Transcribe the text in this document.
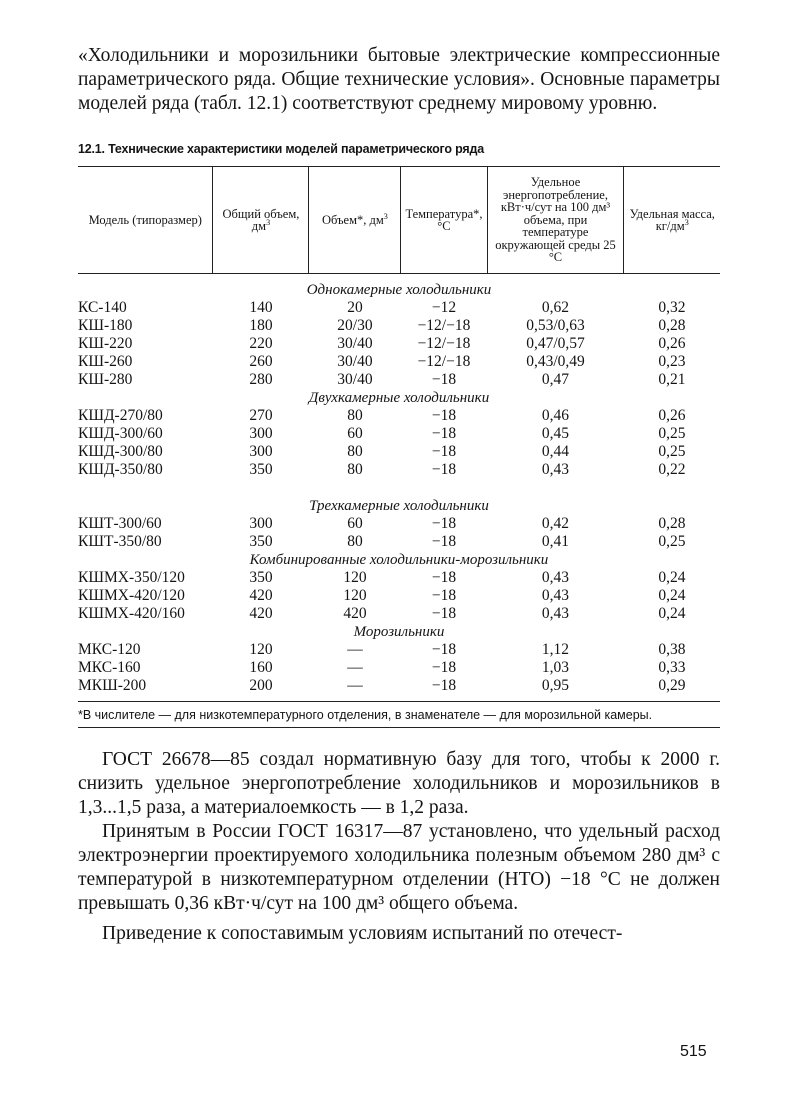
«Холодильники и морозильники бытовые электрические компрессионные параметрического ряда. Общие технические условия». Основные параметры моделей ряда (табл. 12.1) соответствуют среднему мировому уровню.

12.1. Технические характеристики моделей параметрического ряда

Модель (типоразмер)	Общий объем, $дм^3$	Объем*, $дм^3$	Температура*, °С	Удельное энергопотребление, кВт·ч/сут на 100 дм³ объема, при температуре окружающей среды 25 °С	Удельная масса, $кг/дм^3$
Однокамерные холодильники					
КС-140	140	20	−12	0,62	0,32
КШ-180	180	20/30	−12/−18	0,53/0,63	0,28
КШ-220	220	30/40	−12/−18	0,47/0,57	0,26
КШ-260	260	30/40	−12/−18	0,43/0,49	0,23
КШ-280	280	30/40	−18	0,47	0,21
Двухкамерные холодильники					
КШД-270/80	270	80	−18	0,46	0,26
КШД-300/60	300	60	−18	0,45	0,25
КШД-300/80	300	80	−18	0,44	0,25
КШД-350/80	350	80	−18	0,43	0,22
Трехкамерные холодильники					
КШТ-300/60	300	60	−18	0,42	0,28
КШТ-350/80	350	80	−18	0,41	0,25
Комбинированные холодильники-морозильники					
КШМХ-350/120	350	120	−18	0,43	0,24
КШМХ-420/120	420	120	−18	0,43	0,24
КШМХ-420/160	420	420	−18	0,43	0,24
Морозильники					
МКС-120	120	—	−18	1,12	0,38
МКС-160	160	—	−18	1,03	0,33
МКШ-200	200	—	−18	0,95	0,29

*В числителе — для низкотемпературного отделения, в знаменателе — для морозильной камеры.

ГОСТ 26678—85 создал нормативную базу для того, чтобы к 2000 г. снизить удельное энергопотребление холодильников и морозильников в 1,3...1,5 раза, а материалоемкость — в 1,2 раза.

Принятым в России ГОСТ 16317—87 установлено, что удельный расход электроэнергии проектируемого холодильника полезным объемом 280 дм³ с температурой в низкотемпературном отделении (НТО) −18 °С не должен превышать 0,36 кВт·ч/сут на 100 дм³ общего объема.

Приведение к сопоставимым условиям испытаний по отечест-

515
